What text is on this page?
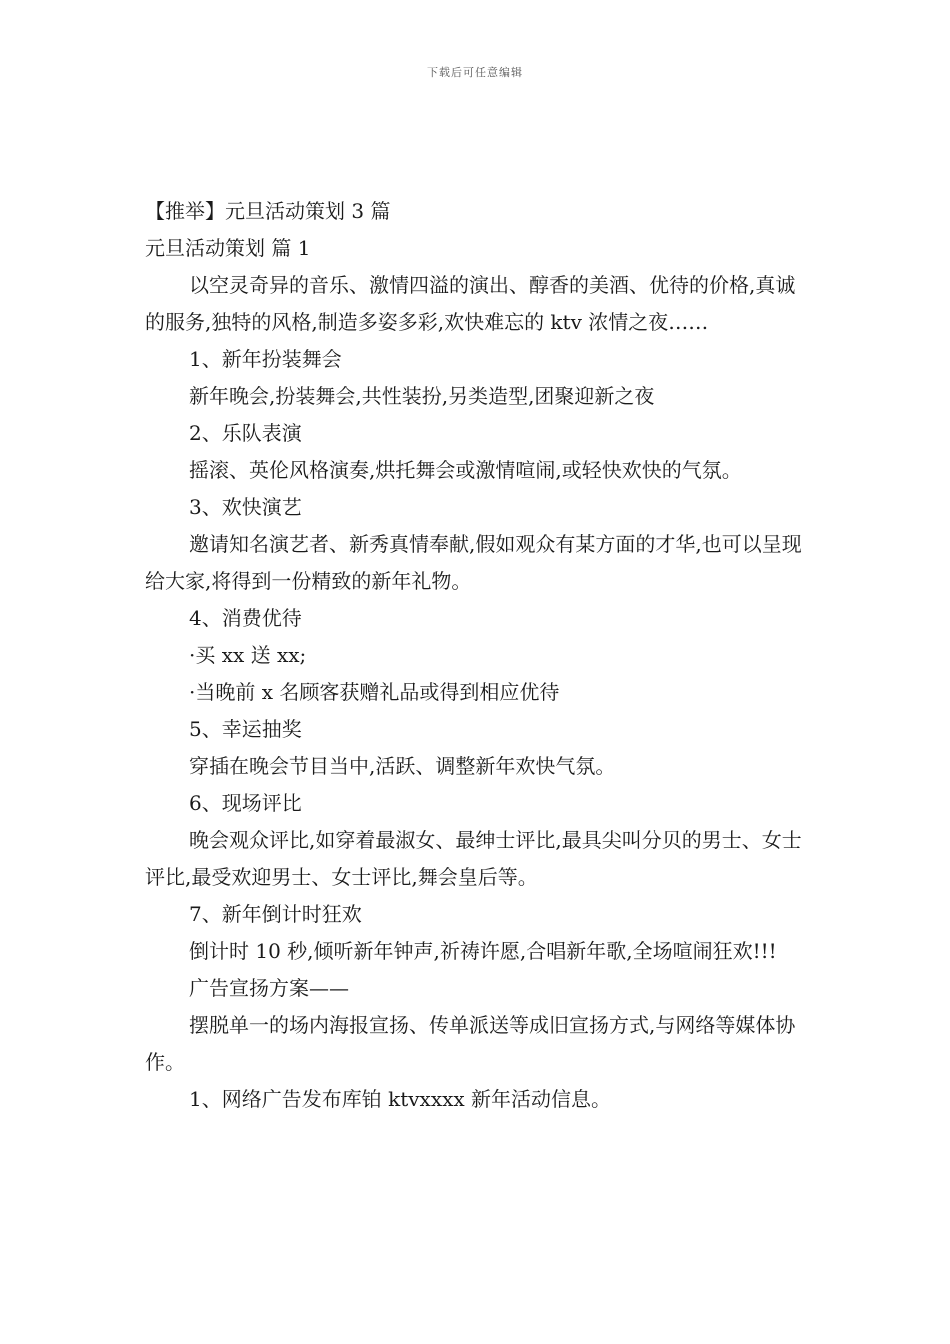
下载后可任意编辑

【推举】元旦活动策划 3 篇

元旦活动策划 篇 1

以空灵奇异的音乐、激情四溢的演出、醇香的美酒、优待的价格,真诚的服务,独特的风格,制造多姿多彩,欢快难忘的 ktv 浓情之夜……

1、新年扮装舞会

新年晚会,扮装舞会,共性装扮,另类造型,团聚迎新之夜

2、乐队表演

摇滚、英伦风格演奏,烘托舞会或激情喧闹,或轻快欢快的气氛。

3、欢快演艺

邀请知名演艺者、新秀真情奉献,假如观众有某方面的才华,也可以呈现给大家,将得到一份精致的新年礼物。

4、消费优待

·买 xx 送 xx;

·当晚前 x 名顾客获赠礼品或得到相应优待

5、幸运抽奖

穿插在晚会节目当中,活跃、调整新年欢快气氛。

6、现场评比

晚会观众评比,如穿着最淑女、最绅士评比,最具尖叫分贝的男士、女士评比,最受欢迎男士、女士评比,舞会皇后等。

7、新年倒计时狂欢

倒计时 10 秒,倾听新年钟声,祈祷许愿,合唱新年歌,全场喧闹狂欢!!!

广告宣扬方案——

摆脱单一的场内海报宣扬、传单派送等成旧宣扬方式,与网络等媒体协作。

1、网络广告发布库铂 ktvxxxx 新年活动信息。
